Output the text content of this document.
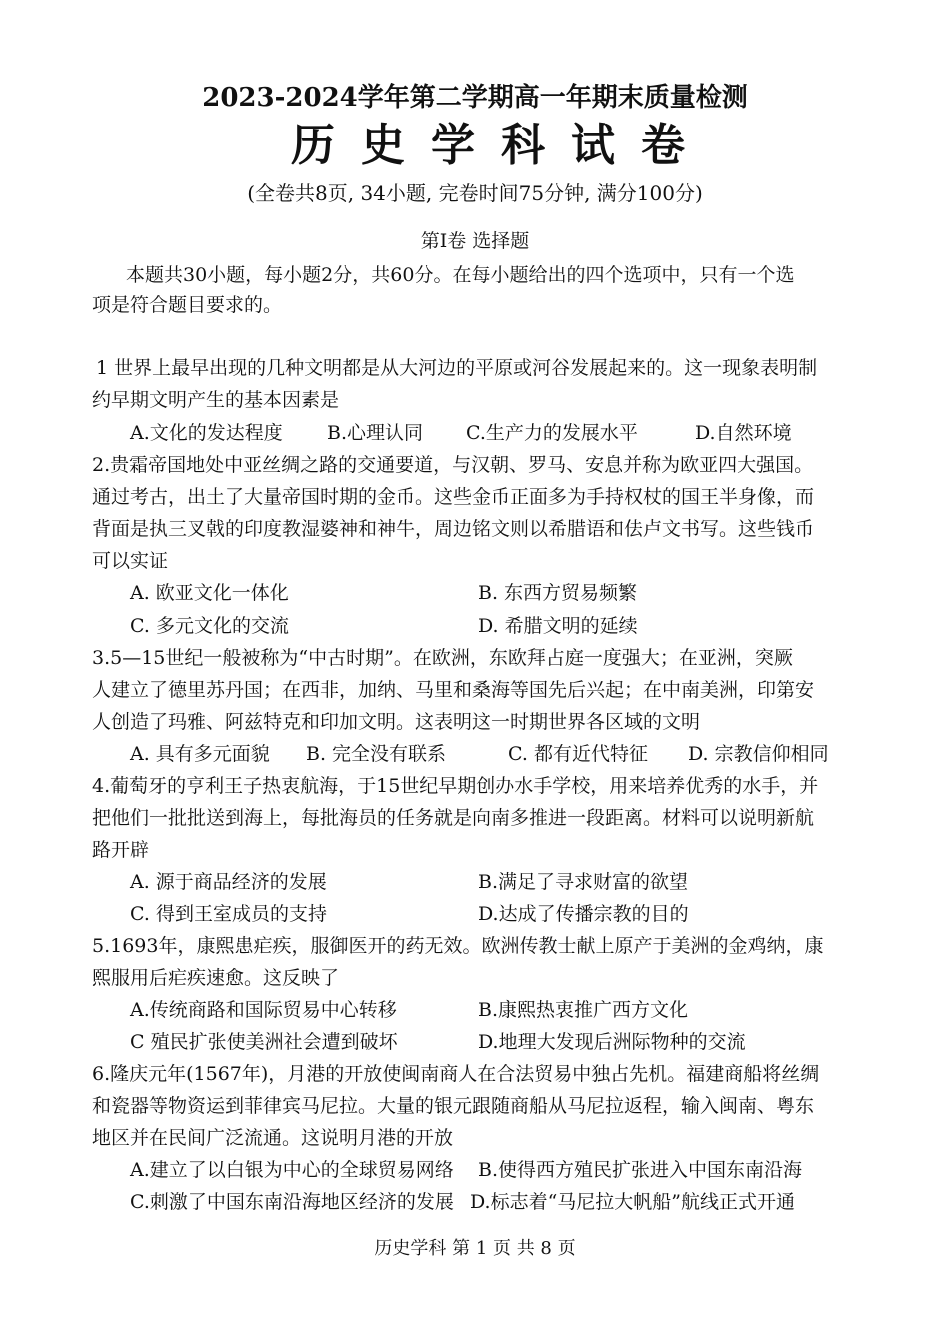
2023-2024学年第二学期高一年期末质量检测
历史学科试卷
(全卷共8页, 34小题, 完卷时间75分钟, 满分100分)
第Ⅰ卷 选择题
本题共30小题，每小题2分，共60分。在每小题给出的四个选项中，只有一个选
项是符合题目要求的。
1 世界上最早出现的几种文明都是从大河边的平原或河谷发展起来的。这一现象表明制
约早期文明产生的基本因素是
A.文化的发达程度 B.心理认同 C.生产力的发展水平	D.自然环境
2.贵霜帝国地处中亚丝绸之路的交通要道，与汉朝、罗马、安息并称为欧亚四大强国。
通过考古，出土了大量帝国时期的金币。这些金币正面多为手持权杖的国王半身像，而
背面是执三叉戟的印度教湿婆神和神牛，周边铭文则以希腊语和佉卢文书写。这些钱币
可以实证
A. 欧亚文化一体化	B. 东西方贸易频繁
C. 多元文化的交流	D. 希腊文明的延续
3.5—15世纪一般被称为“中古时期”。在欧洲，东欧拜占庭一度强大；在亚洲，突厥
人建立了德里苏丹国；在西非，加纳、马里和桑海等国先后兴起；在中南美洲，印第安
人创造了玛雅、阿兹特克和印加文明。这表明这一时期世界各区域的文明
A. 具有多元面貌 B. 完全没有联系	C. 都有近代特征 D. 宗教信仰相同
4.葡萄牙的亨利王子热衷航海，于15世纪早期创办水手学校，用来培养优秀的水手，并
把他们一批批送到海上，每批海员的任务就是向南多推进一段距离。材料可以说明新航
路开辟
A. 源于商品经济的发展	B.满足了寻求财富的欲望
C. 得到王室成员的支持	D.达成了传播宗教的目的
5.1693年，康熙患疟疾，服御医开的药无效。欧洲传教士献上原产于美洲的金鸡纳，康
熙服用后疟疾速愈。这反映了
A.传统商路和国际贸易中心转移	B.康熙热衷推广西方文化
C 殖民扩张使美洲社会遭到破坏	D.地理大发现后洲际物种的交流
6.隆庆元年(1567年)，月港的开放使闽南商人在合法贸易中独占先机。福建商船将丝绸
和瓷器等物资运到菲律宾马尼拉。大量的银元跟随商船从马尼拉返程，输入闽南、粤东
地区并在民间广泛流通。这说明月港的开放
A.建立了以白银为中心的全球贸易网络 B.使得西方殖民扩张进入中国东南沿海
C.刺激了中国东南沿海地区经济的发展 D.标志着“马尼拉大帆船”航线正式开通
历史学科 第 1 页 共 8 页
